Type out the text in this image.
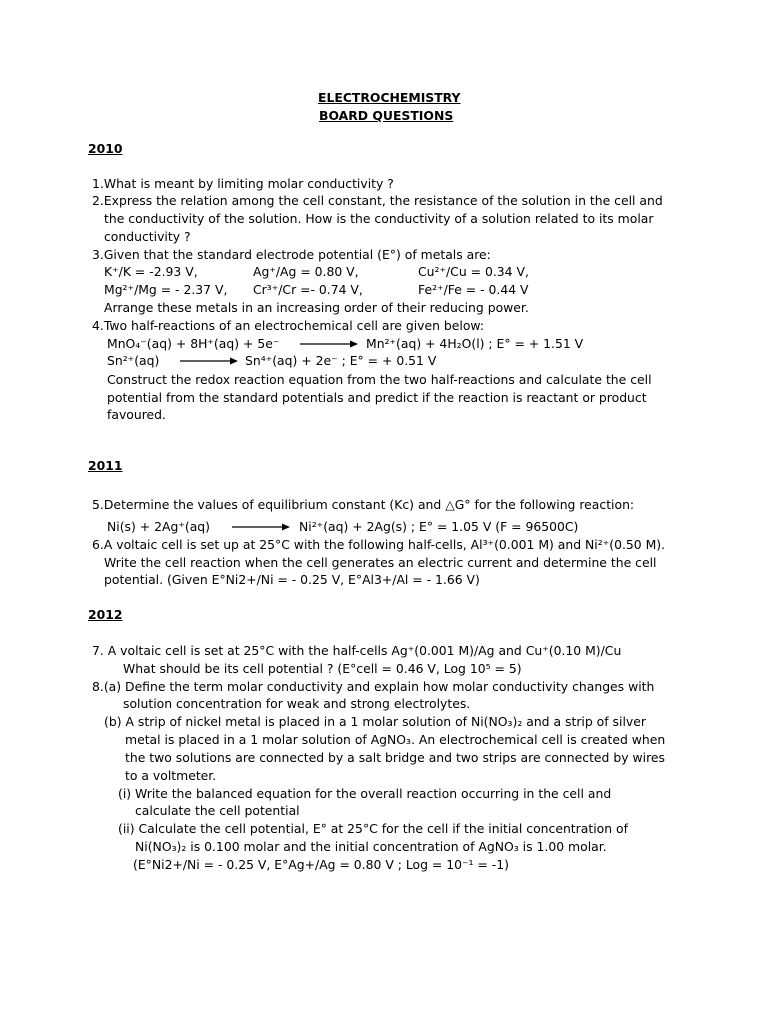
ELECTROCHEMISTRY
BOARD QUESTIONS
2010
1.What is meant by limiting molar conductivity ?
2.Express the relation among the cell constant, the resistance of the solution in the cell and
the conductivity of the solution. How is the conductivity of a solution related to its molar
conductivity ?
3.Given that the standard electrode potential (E°) of metals are:
K⁺/K = -2.93 V,	Ag⁺/Ag = 0.80 V,	Cu²⁺/Cu = 0.34 V,
Mg²⁺/Mg = - 2.37 V, Cr³⁺/Cr =- 0.74 V,	Fe²⁺/Fe = - 0.44 V
Arrange these metals in an increasing order of their reducing power.
4.Two half-reactions of an electrochemical cell are given below:
MnO₄⁻(aq) + 8H⁺(aq) + 5e⁻ → Mn²⁺(aq) + 4H₂O(l) ; E° = + 1.51 V
Sn²⁺(aq) → Sn⁴⁺(aq) + 2e⁻ ; E° = + 0.51 V
Construct the redox reaction equation from the two half-reactions and calculate the cell
potential from the standard potentials and predict if the reaction is reactant or product
favoured.
2011
5.Determine the values of equilibrium constant (Kc) and △G° for the following reaction:
Ni(s) + 2Ag⁺(aq) → Ni²⁺(aq) + 2Ag(s) ; E° = 1.05 V (F = 96500C)
6.A voltaic cell is set up at 25°C with the following half-cells, Al³⁺(0.001 M) and Ni²⁺(0.50 M).
Write the cell reaction when the cell generates an electric current and determine the cell
potential. (Given E°Ni2+/Ni = - 0.25 V, E°Al3+/Al = - 1.66 V)
2012
7. A voltaic cell is set at 25°C with the half-cells Ag⁺(0.001 M)/Ag and Cu⁺(0.10 M)/Cu
What should be its cell potential ? (E°cell = 0.46 V, Log 10⁵ = 5)
8.(a) Define the term molar conductivity and explain how molar conductivity changes with
solution concentration for weak and strong electrolytes.
(b) A strip of nickel metal is placed in a 1 molar solution of Ni(NO₃)₂ and a strip of silver
metal is placed in a 1 molar solution of AgNO₃. An electrochemical cell is created when
the two solutions are connected by a salt bridge and two strips are connected by wires
to a voltmeter.
(i) Write the balanced equation for the overall reaction occurring in the cell and
calculate the cell potential
(ii) Calculate the cell potential, E° at 25°C for the cell if the initial concentration of
Ni(NO₃)₂ is 0.100 molar and the initial concentration of AgNO₃ is 1.00 molar.
(E°Ni2+/Ni = - 0.25 V, E°Ag+/Ag = 0.80 V ; Log = 10⁻¹ = -1)
